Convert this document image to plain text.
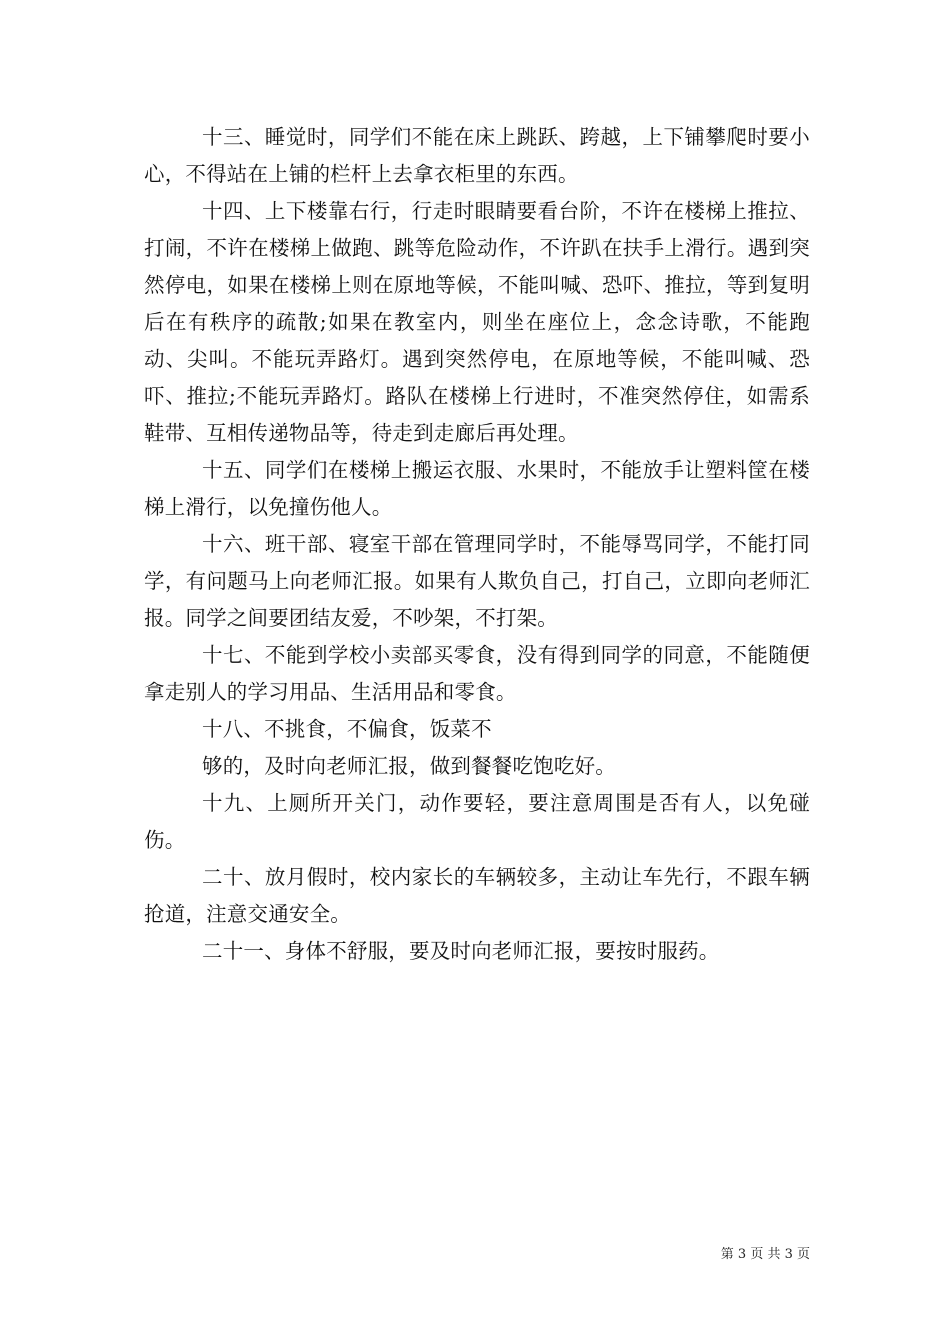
十三、睡觉时，同学们不能在床上跳跃、跨越，上下铺攀爬时要小心，不得站在上铺的栏杆上去拿衣柜里的东西。

十四、上下楼靠右行，行走时眼睛要看台阶，不许在楼梯上推拉、打闹，不许在楼梯上做跑、跳等危险动作，不许趴在扶手上滑行。遇到突然停电，如果在楼梯上则在原地等候，不能叫喊、恐吓、推拉，等到复明后在有秩序的疏散;如果在教室内，则坐在座位上，念念诗歌，不能跑动、尖叫。不能玩弄路灯。遇到突然停电，在原地等候，不能叫喊、恐吓、推拉;不能玩弄路灯。路队在楼梯上行进时，不准突然停住，如需系鞋带、互相传递物品等，待走到走廊后再处理。

十五、同学们在楼梯上搬运衣服、水果时，不能放手让塑料筐在楼梯上滑行，以免撞伤他人。

十六、班干部、寝室干部在管理同学时，不能辱骂同学，不能打同学，有问题马上向老师汇报。如果有人欺负自己，打自己，立即向老师汇报。同学之间要团结友爱，不吵架，不打架。

十七、不能到学校小卖部买零食，没有得到同学的同意，不能随便拿走别人的学习用品、生活用品和零食。

十八、不挑食，不偏食，饭菜不

够的，及时向老师汇报，做到餐餐吃饱吃好。

十九、上厕所开关门，动作要轻，要注意周围是否有人，以免碰伤。

二十、放月假时，校内家长的车辆较多，主动让车先行，不跟车辆抢道，注意交通安全。

二十一、身体不舒服，要及时向老师汇报，要按时服药。

第 3 页 共 3 页
